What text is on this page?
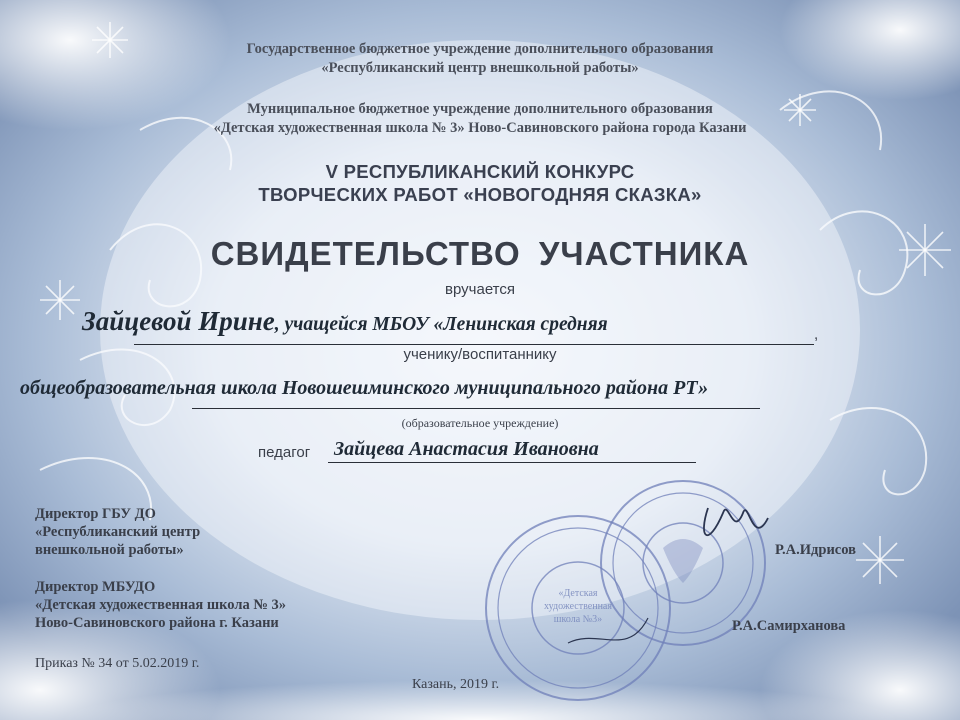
Государственное бюджетное учреждение дополнительного образования
«Республиканский центр внешкольной работы»
Муниципальное бюджетное учреждение дополнительного образования
«Детская художественная школа № 3» Ново-Савиновского района города Казани
V РЕСПУБЛИКАНСКИЙ КОНКУРС
ТВОРЧЕСКИХ РАБОТ «НОВОГОДНЯЯ СКАЗКА»
СВИДЕТЕЛЬСТВО УЧАСТНИКА
вручается
Зайцевой Ирине, учащейся МБОУ «Ленинская средняя	,
ученику/воспитаннику
общеобразовательная школа Новошешминского муниципального района РТ»
(образовательное учреждение)
педагог Зайцева Анастасия Ивановна
«Детская
художественная
школа №3»
Директор ГБУ ДО
«Республиканский центр
внешкольной работы»	Р.А.Идрисов
Директор МБУДО
«Детская художественная школа № 3»
Ново-Савиновского района г. Казани	Р.А.Самирханова
Приказ № 34 от 5.02.2019 г.
Казань, 2019 г.
